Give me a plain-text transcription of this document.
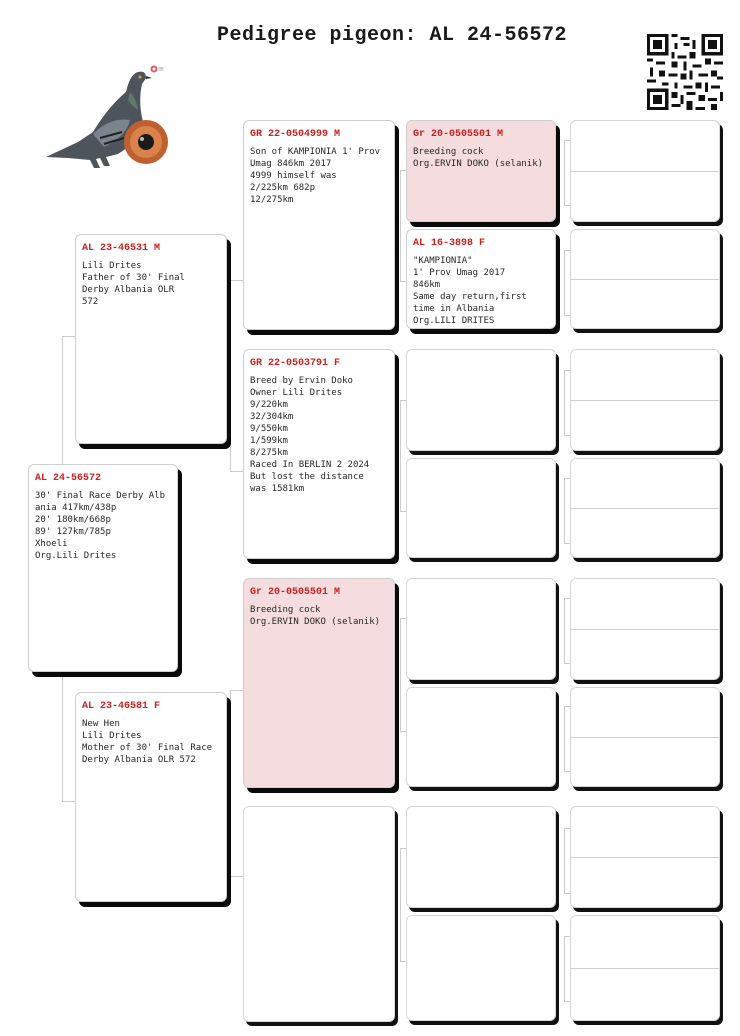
Pedigree pigeon: AL 24-56572
AL 24-56572
30' Final Race Derby Alb
ania 417km/438p
20' 180km/668p
89' 127km/785p
Xhoeli
Org.Lili Drites
AL 23-46531 M
Lili Drites
Father of 30' Final
Derby Albania OLR
572
AL 23-46581 F
New Hen
Lili Drites
Mother of 30' Final Race
Derby Albania OLR 572
GR 22-0504999 M
Son of KAMPIONIA 1' Prov
Umag 846km 2017
4999 himself was
2/225km 682p
12/275km
GR 22-0503791 F
Breed by Ervin Doko
Owner Lili Drites
9/220km
32/304km
9/550km
1/599km
8/275km
Raced In BERLIN 2 2024
But lost the distance
was 1581km
Gr 20-0505501 M
Breeding cock
Org.ERVIN DOKO (selanik)
Gr 20-0505501 M
Breeding cock
Org.ERVIN DOKO (selanik)
AL 16-3898 F
"KAMPIONIA"
1' Prov Umag 2017
846km
Same day return,first
time in Albania
Org.LILI DRITES
